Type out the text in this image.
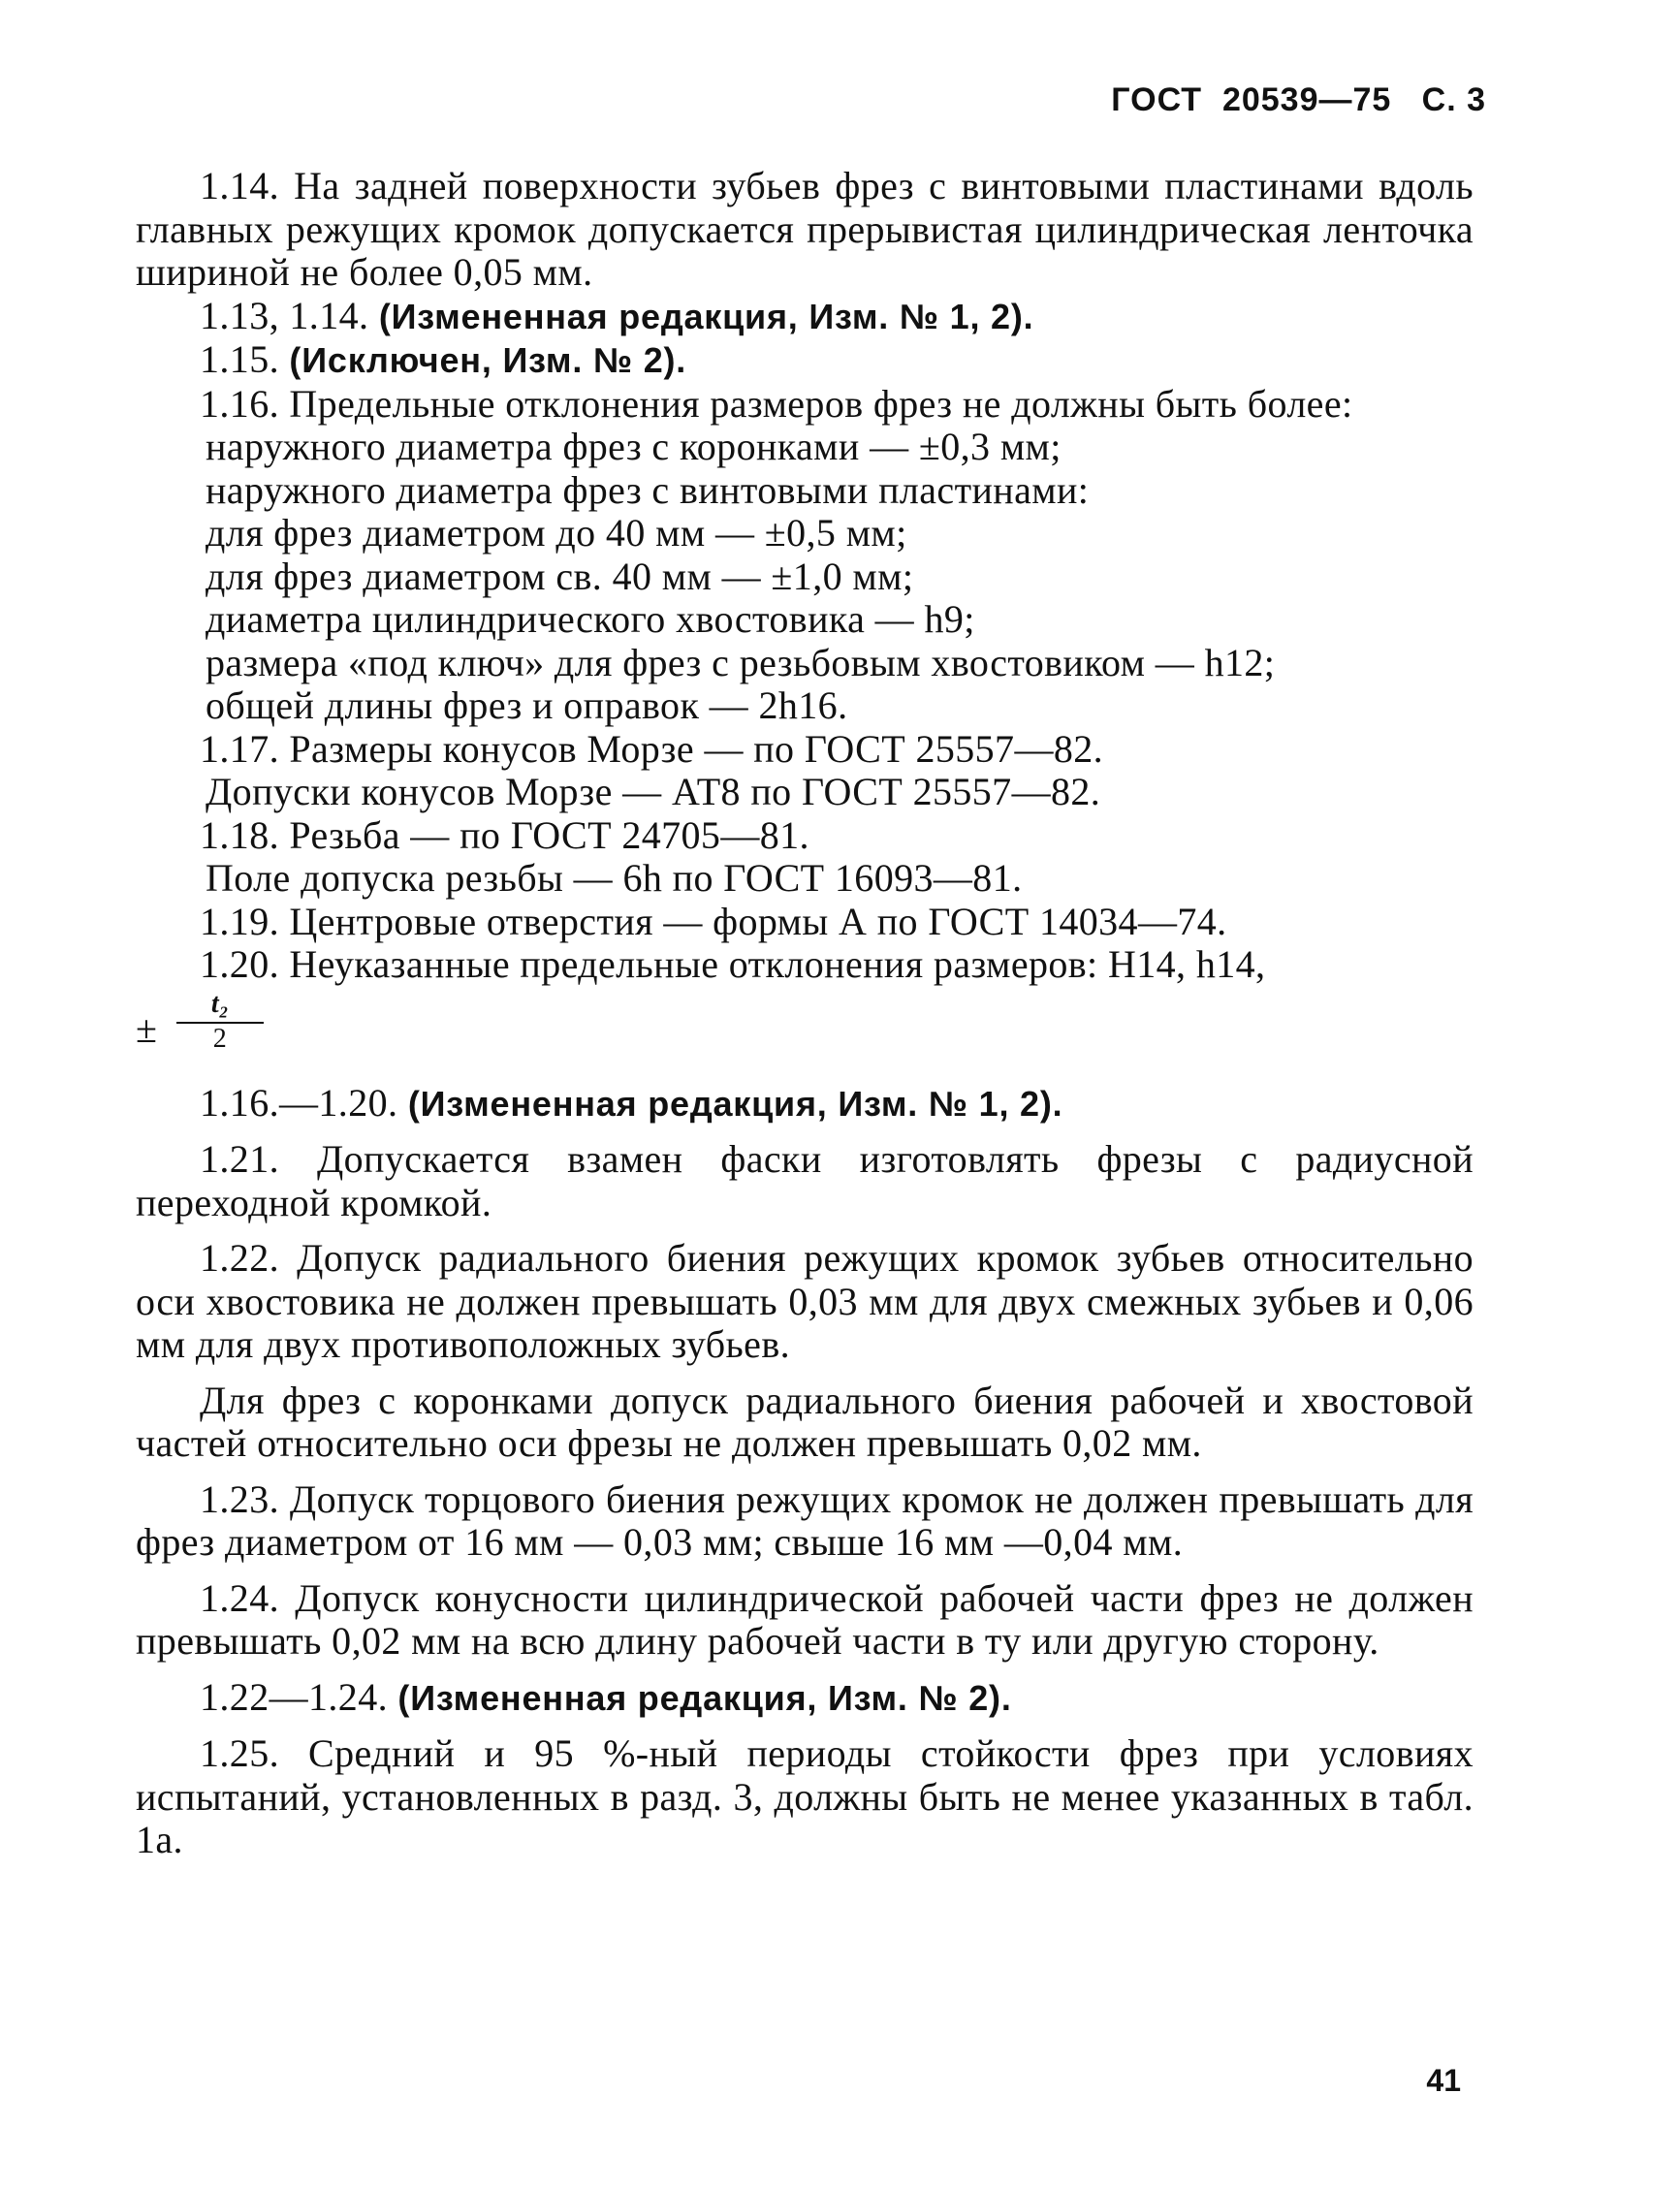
ГОСТ  20539—75   С. 3

1.14. На задней поверхности зубьев фрез с винтовыми пластинами вдоль главных режущих кромок допускается прерывистая цилиндрическая ленточка шириной не более 0,05 мм.

1.13, 1.14. (Измененная редакция, Изм. № 1, 2).

1.15. (Исключен, Изм. № 2).

1.16. Предельные отклонения размеров фрез не должны быть более:

наружного диаметра фрез с коронками — ±0,3 мм;

наружного диаметра фрез с винтовыми пластинами:

для фрез диаметром до 40 мм — ±0,5 мм;

для фрез диаметром св. 40 мм — ±1,0 мм;

диаметра цилиндрического хвостовика — h9;

размера «под ключ» для фрез с резьбовым хвостовиком — h12;

общей длины фрез и оправок — 2h16.

1.17. Размеры конусов Морзе — по ГОСТ 25557—82.

Допуски конусов Морзе — АТ8 по ГОСТ 25557—82.

1.18. Резьба — по ГОСТ 24705—81.

Поле допуска резьбы — 6h по ГОСТ 16093—81.

1.19. Центровые отверстия — формы А по ГОСТ 14034—74.

1.20. Неуказанные предельные отклонения размеров: Н14, h14,

±
t₂
2

1.16.—1.20. (Измененная редакция, Изм. № 1, 2).

1.21. Допускается взамен фаски изготовлять фрезы с радиусной переходной кромкой.

1.22. Допуск радиального биения режущих кромок зубьев относительно оси хвостовика не должен превышать 0,03 мм для двух смежных зубьев и 0,06 мм для двух противоположных зубьев.

Для фрез с коронками допуск радиального биения рабочей и хвостовой частей относительно оси фрезы не должен превышать 0,02 мм.

1.23. Допуск торцового биения режущих кромок не должен превышать для фрез диаметром от 16 мм — 0,03 мм; свыше 16 мм —0,04 мм.

1.24. Допуск конусности цилиндрической рабочей части фрез не должен превышать 0,02 мм на всю длину рабочей части в ту или другую сторону.

1.22—1.24. (Измененная редакция, Изм. № 2).

1.25. Средний и 95 %-ный периоды стойкости фрез при условиях испытаний, установленных в разд. 3, должны быть не менее указанных в табл. 1а.

41
